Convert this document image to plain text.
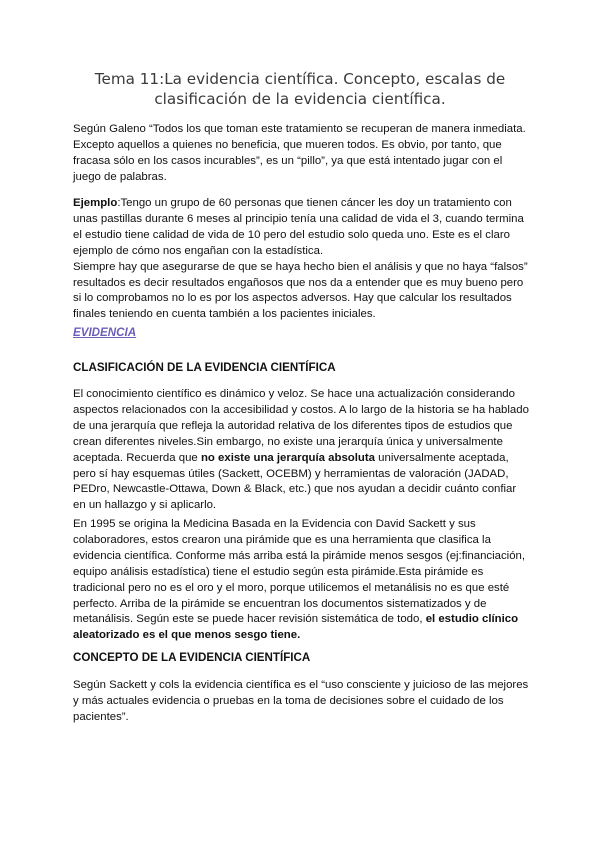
Tema 11:La evidencia científica. Concepto, escalas de clasificación de la evidencia científica.

Según Galeno “Todos los que toman este tratamiento se recuperan de manera inmediata. Excepto aquellos a quienes no beneficia, que mueren todos. Es obvio, por tanto, que fracasa sólo en los casos incurables”, es un “pillo”, ya que está intentado jugar con el juego de palabras.

Ejemplo:Tengo un grupo de 60 personas que tienen cáncer les doy un tratamiento con unas pastillas durante 6 meses al principio tenía una calidad de vida el 3, cuando termina el estudio tiene calidad de vida de 10 pero del estudio solo queda uno. Este es el claro ejemplo de cómo nos engañan con la estadística.
Siempre hay que asegurarse de que se haya hecho bien el análisis y que no haya “falsos” resultados es decir resultados engañosos que nos da a entender que es muy bueno pero si lo comprobamos no lo es por los aspectos adversos. Hay que calcular los resultados finales teniendo en cuenta también a los pacientes iniciales.

EVIDENCIA
CLASIFICACIÓN DE LA EVIDENCIA CIENTÍFICA

El conocimiento científico es dinámico y veloz. Se hace una actualización considerando aspectos relacionados con la accesibilidad y costos. A lo largo de la historia se ha hablado de una jerarquía que refleja la autoridad relativa de los diferentes tipos de estudios que crean diferentes niveles.Sin embargo, no existe una jerarquía única y universalmente aceptada. Recuerda que no existe una jerarquía absoluta universalmente aceptada, pero sí hay esquemas útiles (Sackett, OCEBM) y herramientas de valoración (JADAD, PEDro, Newcastle-Ottawa, Down & Black, etc.) que nos ayudan a decidir cuánto confiar en un hallazgo y si aplicarlo.

En 1995 se origina la Medicina Basada en la Evidencia con David Sackett y sus colaboradores, estos crearon una pirámide que es una herramienta que clasifica la evidencia científica. Conforme más arriba está la pirámide menos sesgos (ej:financiación, equipo análisis estadística) tiene el estudio según esta pirámide.Esta pirámide es tradicional pero no es el oro y el moro, porque utilicemos el metanálisis no es que esté perfecto. Arriba de la pirámide se encuentran los documentos sistematizados y de metanálisis. Según este se puede hacer revisión sistemática de todo, el estudio clínico aleatorizado es el que menos sesgo tiene.

CONCEPTO DE LA EVIDENCIA CIENTÍFICA

Según Sackett y cols la evidencia científica es el “uso consciente y juicioso de las mejores y más actuales evidencia o pruebas en la toma de decisiones sobre el cuidado de los pacientes”.
